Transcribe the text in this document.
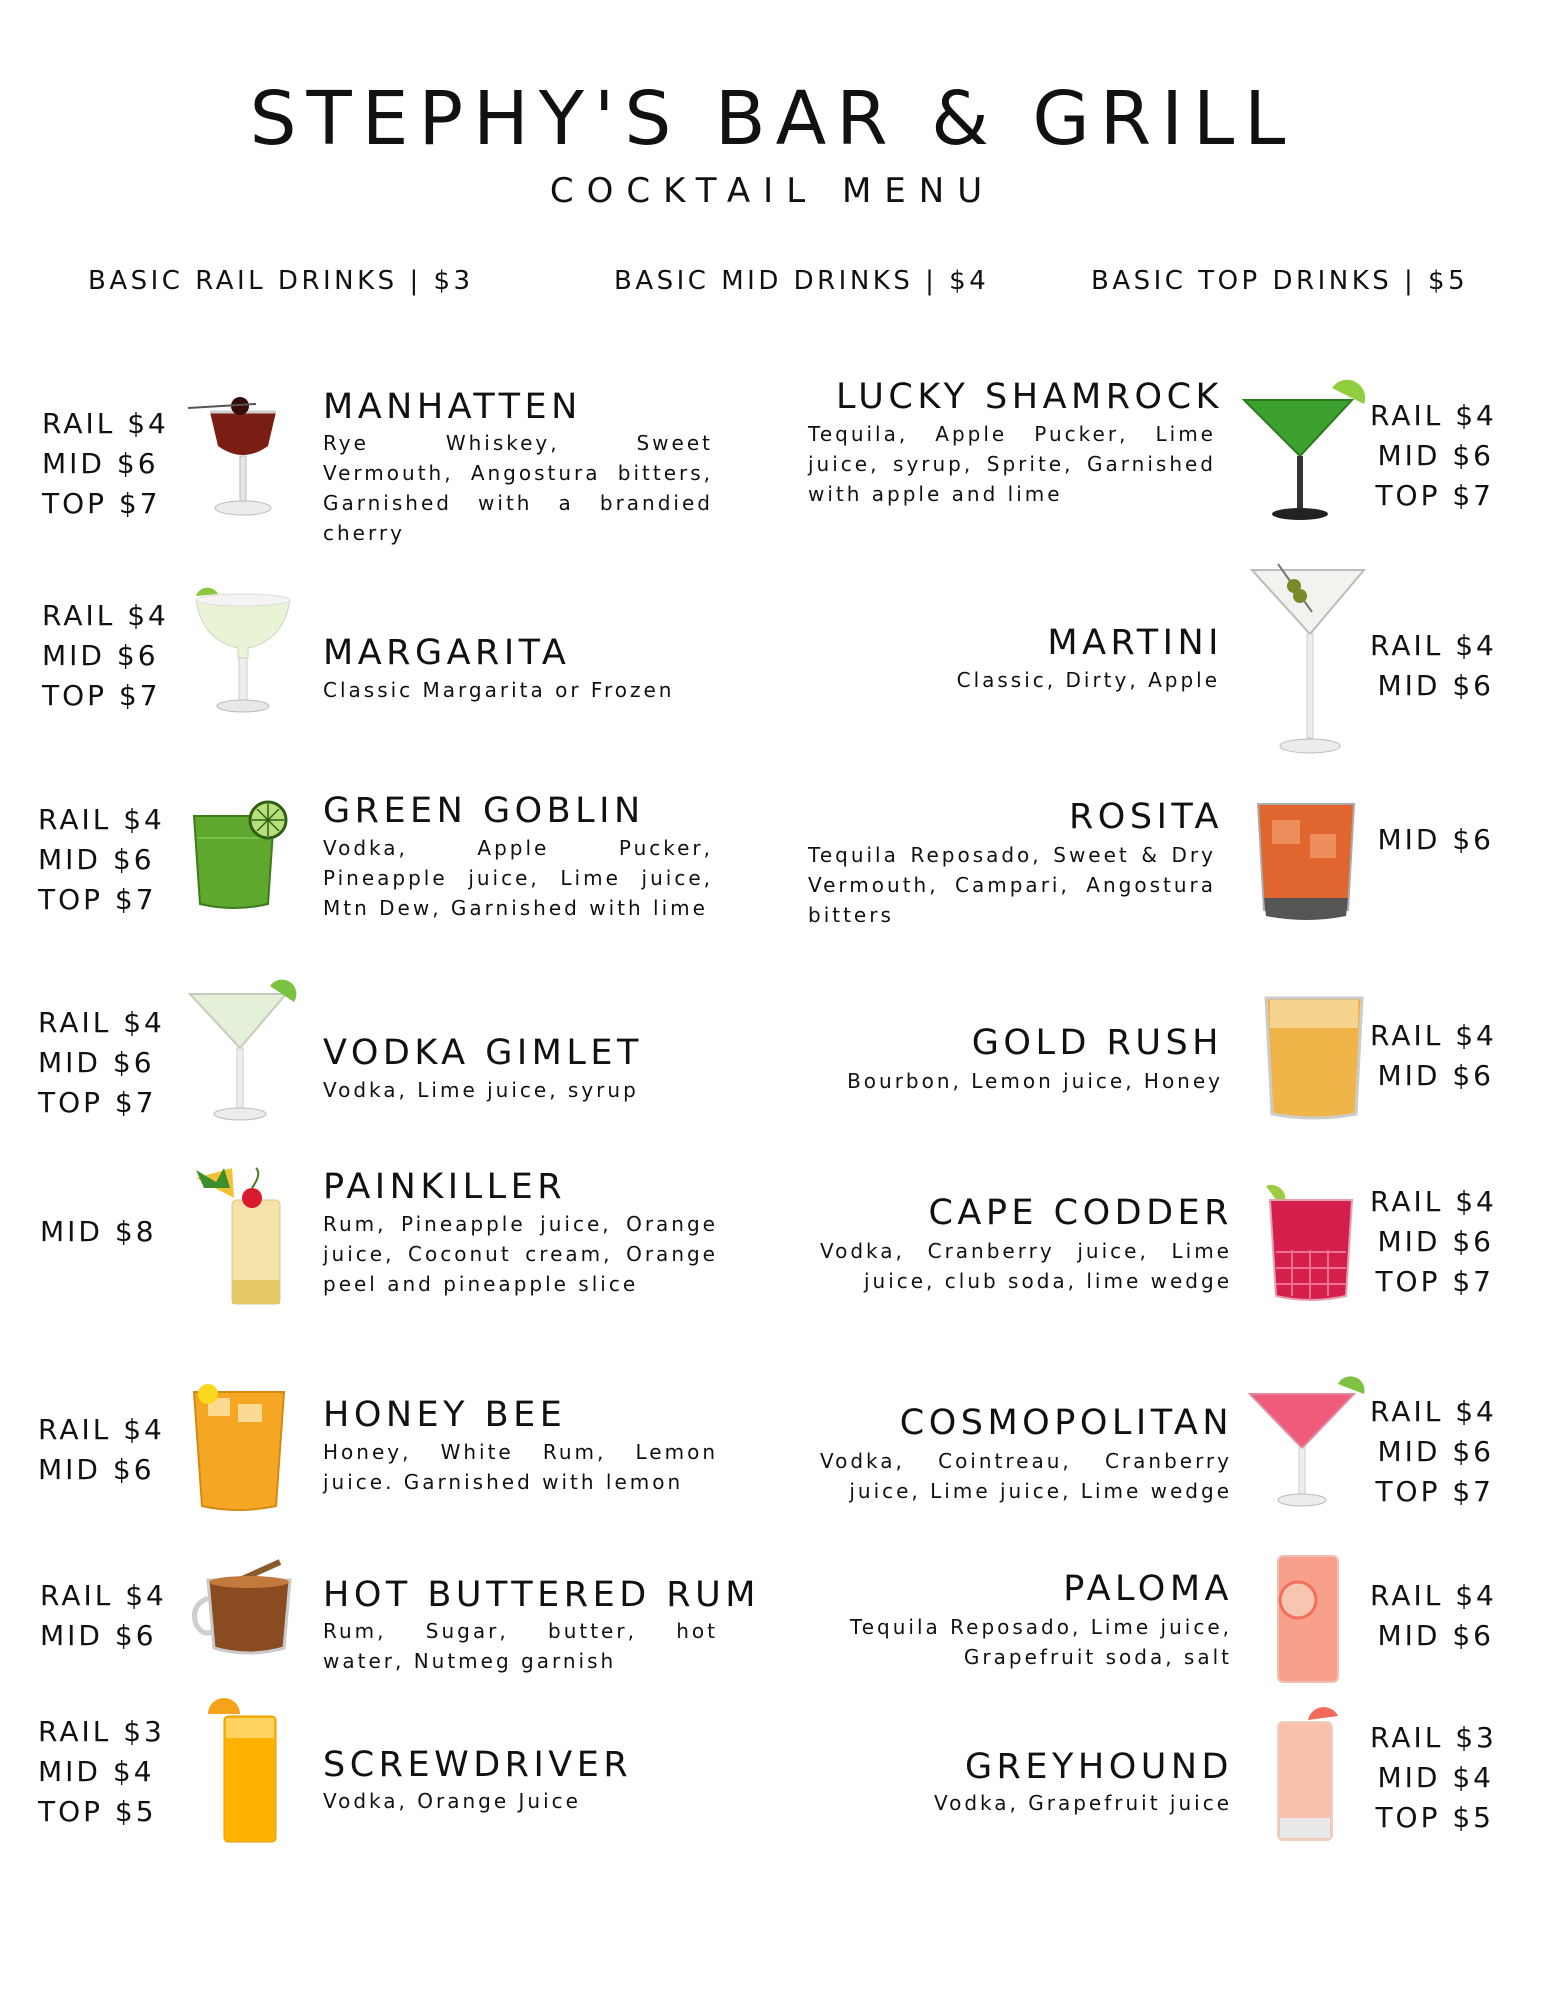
STEPHY'S BAR & GRILL
COCKTAIL MENU
BASIC RAIL DRINKS | $3	BASIC MID DRINKS | $4	BASIC TOP DRINKS | $5
RAIL $4
MID $6
TOP $7
MANHATTEN
Rye Whiskey, Sweet Vermouth, Angostura bitters, Garnished with a brandied cherry
RAIL $4
MID $6
TOP $7
MARGARITA
Classic Margarita or Frozen
RAIL $4
MID $6
TOP $7
GREEN GOBLIN
Vodka, Apple Pucker, Pineapple juice, Lime juice, Mtn Dew, Garnished with lime
RAIL $4
MID $6
TOP $7
VODKA GIMLET
Vodka, Lime juice, syrup
MID $8
PAINKILLER
Rum, Pineapple juice, Orange juice, Coconut cream, Orange peel and pineapple slice
RAIL $4
MID $6
HONEY BEE
Honey, White Rum, Lemon juice. Garnished with lemon
RAIL $4
MID $6
HOT BUTTERED RUM
Rum, Sugar, butter, hot water, Nutmeg garnish
RAIL $3
MID $4
TOP $5
SCREWDRIVER
Vodka, Orange Juice
LUCKY SHAMROCK
Tequila, Apple Pucker, Lime juice, syrup, Sprite, Garnished with apple and lime
RAIL $4
MID $6
TOP $7
MARTINI
Classic, Dirty, Apple
RAIL $4
MID $6
ROSITA
Tequila Reposado, Sweet & Dry Vermouth, Campari, Angostura bitters
MID $6
GOLD RUSH
Bourbon, Lemon juice, Honey
RAIL $4
MID $6
CAPE CODDER
Vodka, Cranberry juice, Lime juice, club soda, lime wedge
RAIL $4
MID $6
TOP $7
COSMOPOLITAN
Vodka, Cointreau, Cranberry juice, Lime juice, Lime wedge
RAIL $4
MID $6
TOP $7
PALOMA
Tequila Reposado, Lime juice, Grapefruit soda, salt
RAIL $4
MID $6
GREYHOUND
Vodka, Grapefruit juice
RAIL $3
MID $4
TOP $5
